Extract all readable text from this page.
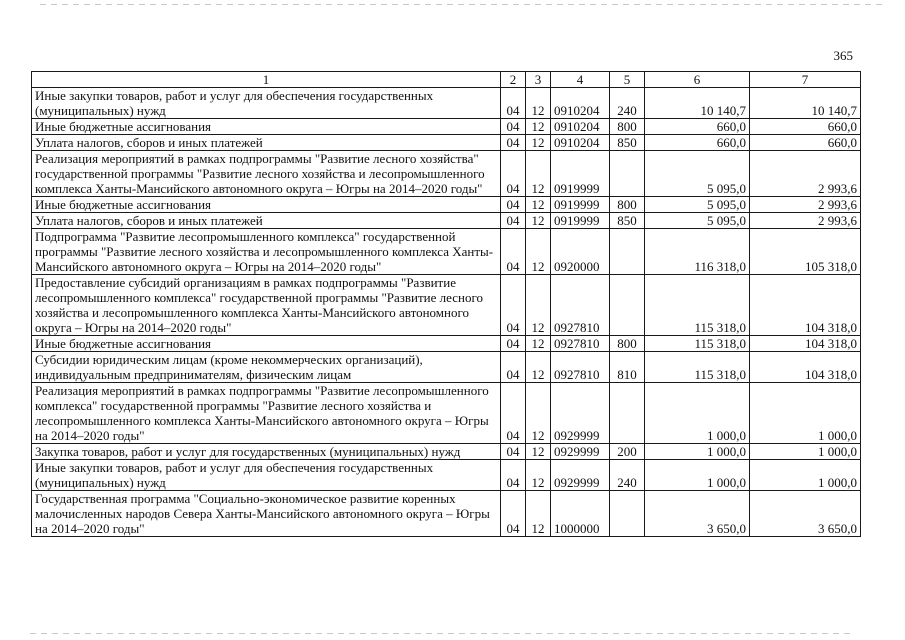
365
1	2	3	4	5	6	7
Иные закупки товаров, работ и услуг для обеспечения государственных (муниципальных) нужд	04	12	0910204	240	10 140,7	10 140,7
Иные бюджетные ассигнования	04	12	0910204	800	660,0	660,0
Уплата налогов, сборов и иных платежей	04	12	0910204	850	660,0	660,0
Реализация мероприятий в рамках подпрограммы "Развитие лесного хозяйства" государственной программы "Развитие лесного хозяйства и лесопромышленного комплекса Ханты-Мансийского автономного округа – Югры на 2014–2020 годы"	04	12	0919999		5 095,0	2 993,6
Иные бюджетные ассигнования	04	12	0919999	800	5 095,0	2 993,6
Уплата налогов, сборов и иных платежей	04	12	0919999	850	5 095,0	2 993,6
Подпрограмма "Развитие лесопромышленного комплекса" государственной программы "Развитие лесного хозяйства и лесопромышленного комплекса Ханты-Мансийского автономного округа – Югры на 2014–2020 годы"	04	12	0920000		116 318,0	105 318,0
Предоставление субсидий организациям в рамках подпрограммы "Развитие лесопромышленного комплекса" государственной программы "Развитие лесного хозяйства и лесопромышленного комплекса Ханты-Мансийского автономного округа – Югры на 2014–2020 годы"	04	12	0927810		115 318,0	104 318,0
Иные бюджетные ассигнования	04	12	0927810	800	115 318,0	104 318,0
Субсидии юридическим лицам (кроме некоммерческих организаций), индивидуальным предпринимателям, физическим лицам	04	12	0927810	810	115 318,0	104 318,0
Реализация мероприятий в рамках подпрограммы "Развитие лесопромышленного комплекса" государственной программы "Развитие лесного хозяйства и лесопромышленного комплекса Ханты-Мансийского автономного округа – Югры на 2014–2020 годы"	04	12	0929999		1 000,0	1 000,0
Закупка товаров, работ и услуг для государственных (муниципальных) нужд	04	12	0929999	200	1 000,0	1 000,0
Иные закупки товаров, работ и услуг для обеспечения государственных (муниципальных) нужд	04	12	0929999	240	1 000,0	1 000,0
Государственная программа "Социально-экономическое развитие коренных малочисленных народов Севера Ханты-Мансийского автономного округа – Югры на 2014–2020 годы"	04	12	1000000		3 650,0	3 650,0
